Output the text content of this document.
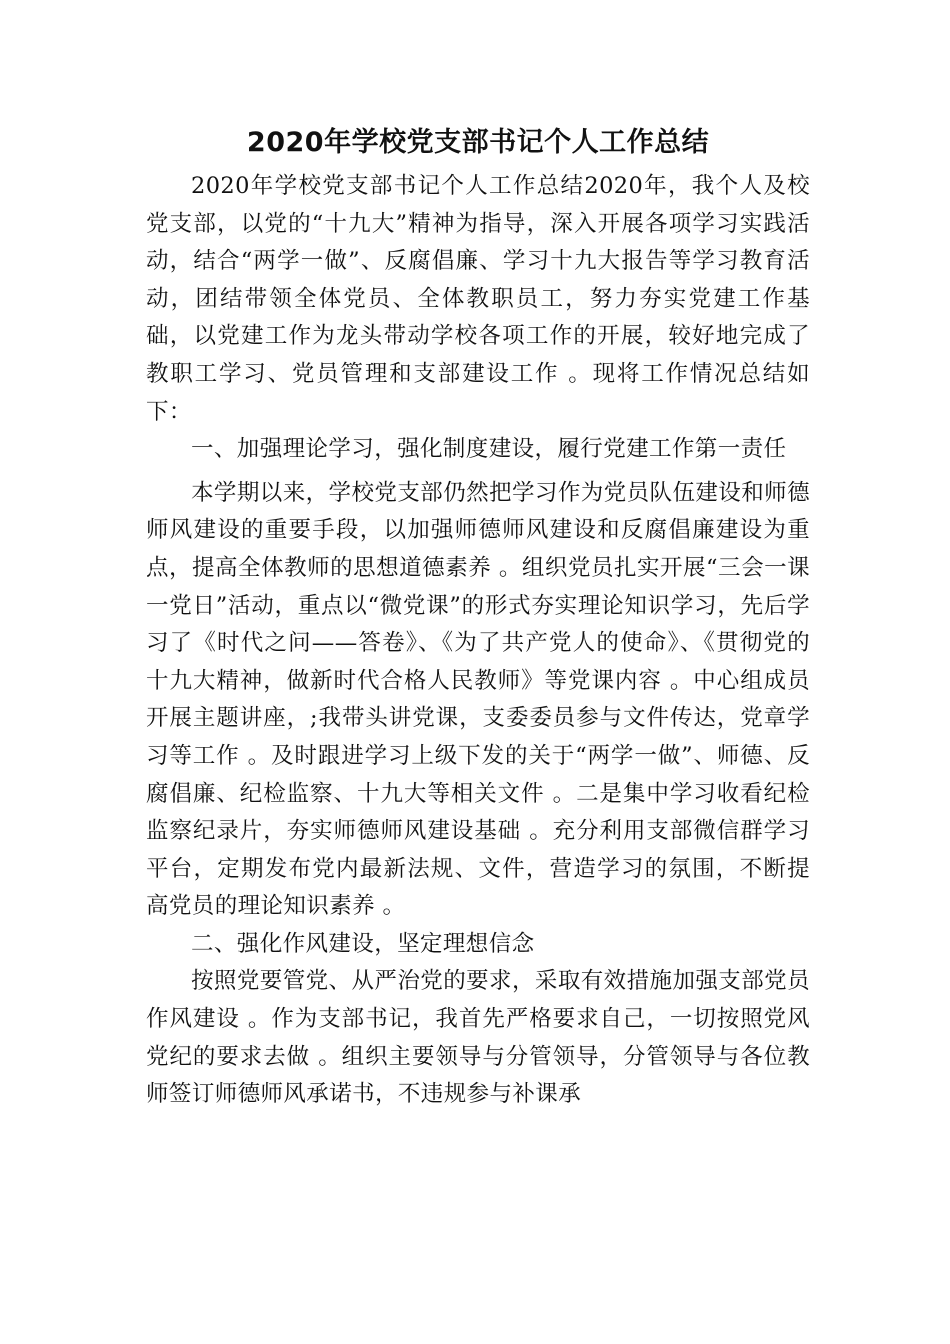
2020年学校党支部书记个人工作总结

2020年学校党支部书记个人工作总结2020年，我个人及校党支部，以党的“十九大”精神为指导，深入开展各项学习实践活动，结合“两学一做”、反腐倡廉、学习十九大报告等学习教育活动，团结带领全体党员、全体教职员工，努力夯实党建工作基础，以党建工作为龙头带动学校各项工作的开展，较好地完成了教职工学习、党员管理和支部建设工作 。现将工作情况总结如下：

一、加强理论学习，强化制度建设，履行党建工作第一责任

本学期以来，学校党支部仍然把学习作为党员队伍建设和师德师风建设的重要手段，以加强师德师风建设和反腐倡廉建设为重点，提高全体教师的思想道德素养 。组织党员扎实开展“三会一课一党日”活动，重点以“微党课”的形式夯实理论知识学习，先后学习了《时代之问——答卷》、《为了共产党人的使命》、《贯彻党的十九大精神，做新时代合格人民教师》等党课内容 。中心组成员开展主题讲座，;我带头讲党课，支委委员参与文件传达，党章学习等工作 。及时跟进学习上级下发的关于“两学一做”、师德、反腐倡廉、纪检监察、十九大等相关文件 。二是集中学习收看纪检监察纪录片，夯实师德师风建设基础 。充分利用支部微信群学习平台，定期发布党内最新法规、文件，营造学习的氛围，不断提高党员的理论知识素养 。

二、强化作风建设，坚定理想信念

按照党要管党、从严治党的要求，采取有效措施加强支部党员作风建设 。作为支部书记，我首先严格要求自己，一切按照党风党纪的要求去做 。组织主要领导与分管领导，分管领导与各位教师签订师德师风承诺书，不违规参与补课承
